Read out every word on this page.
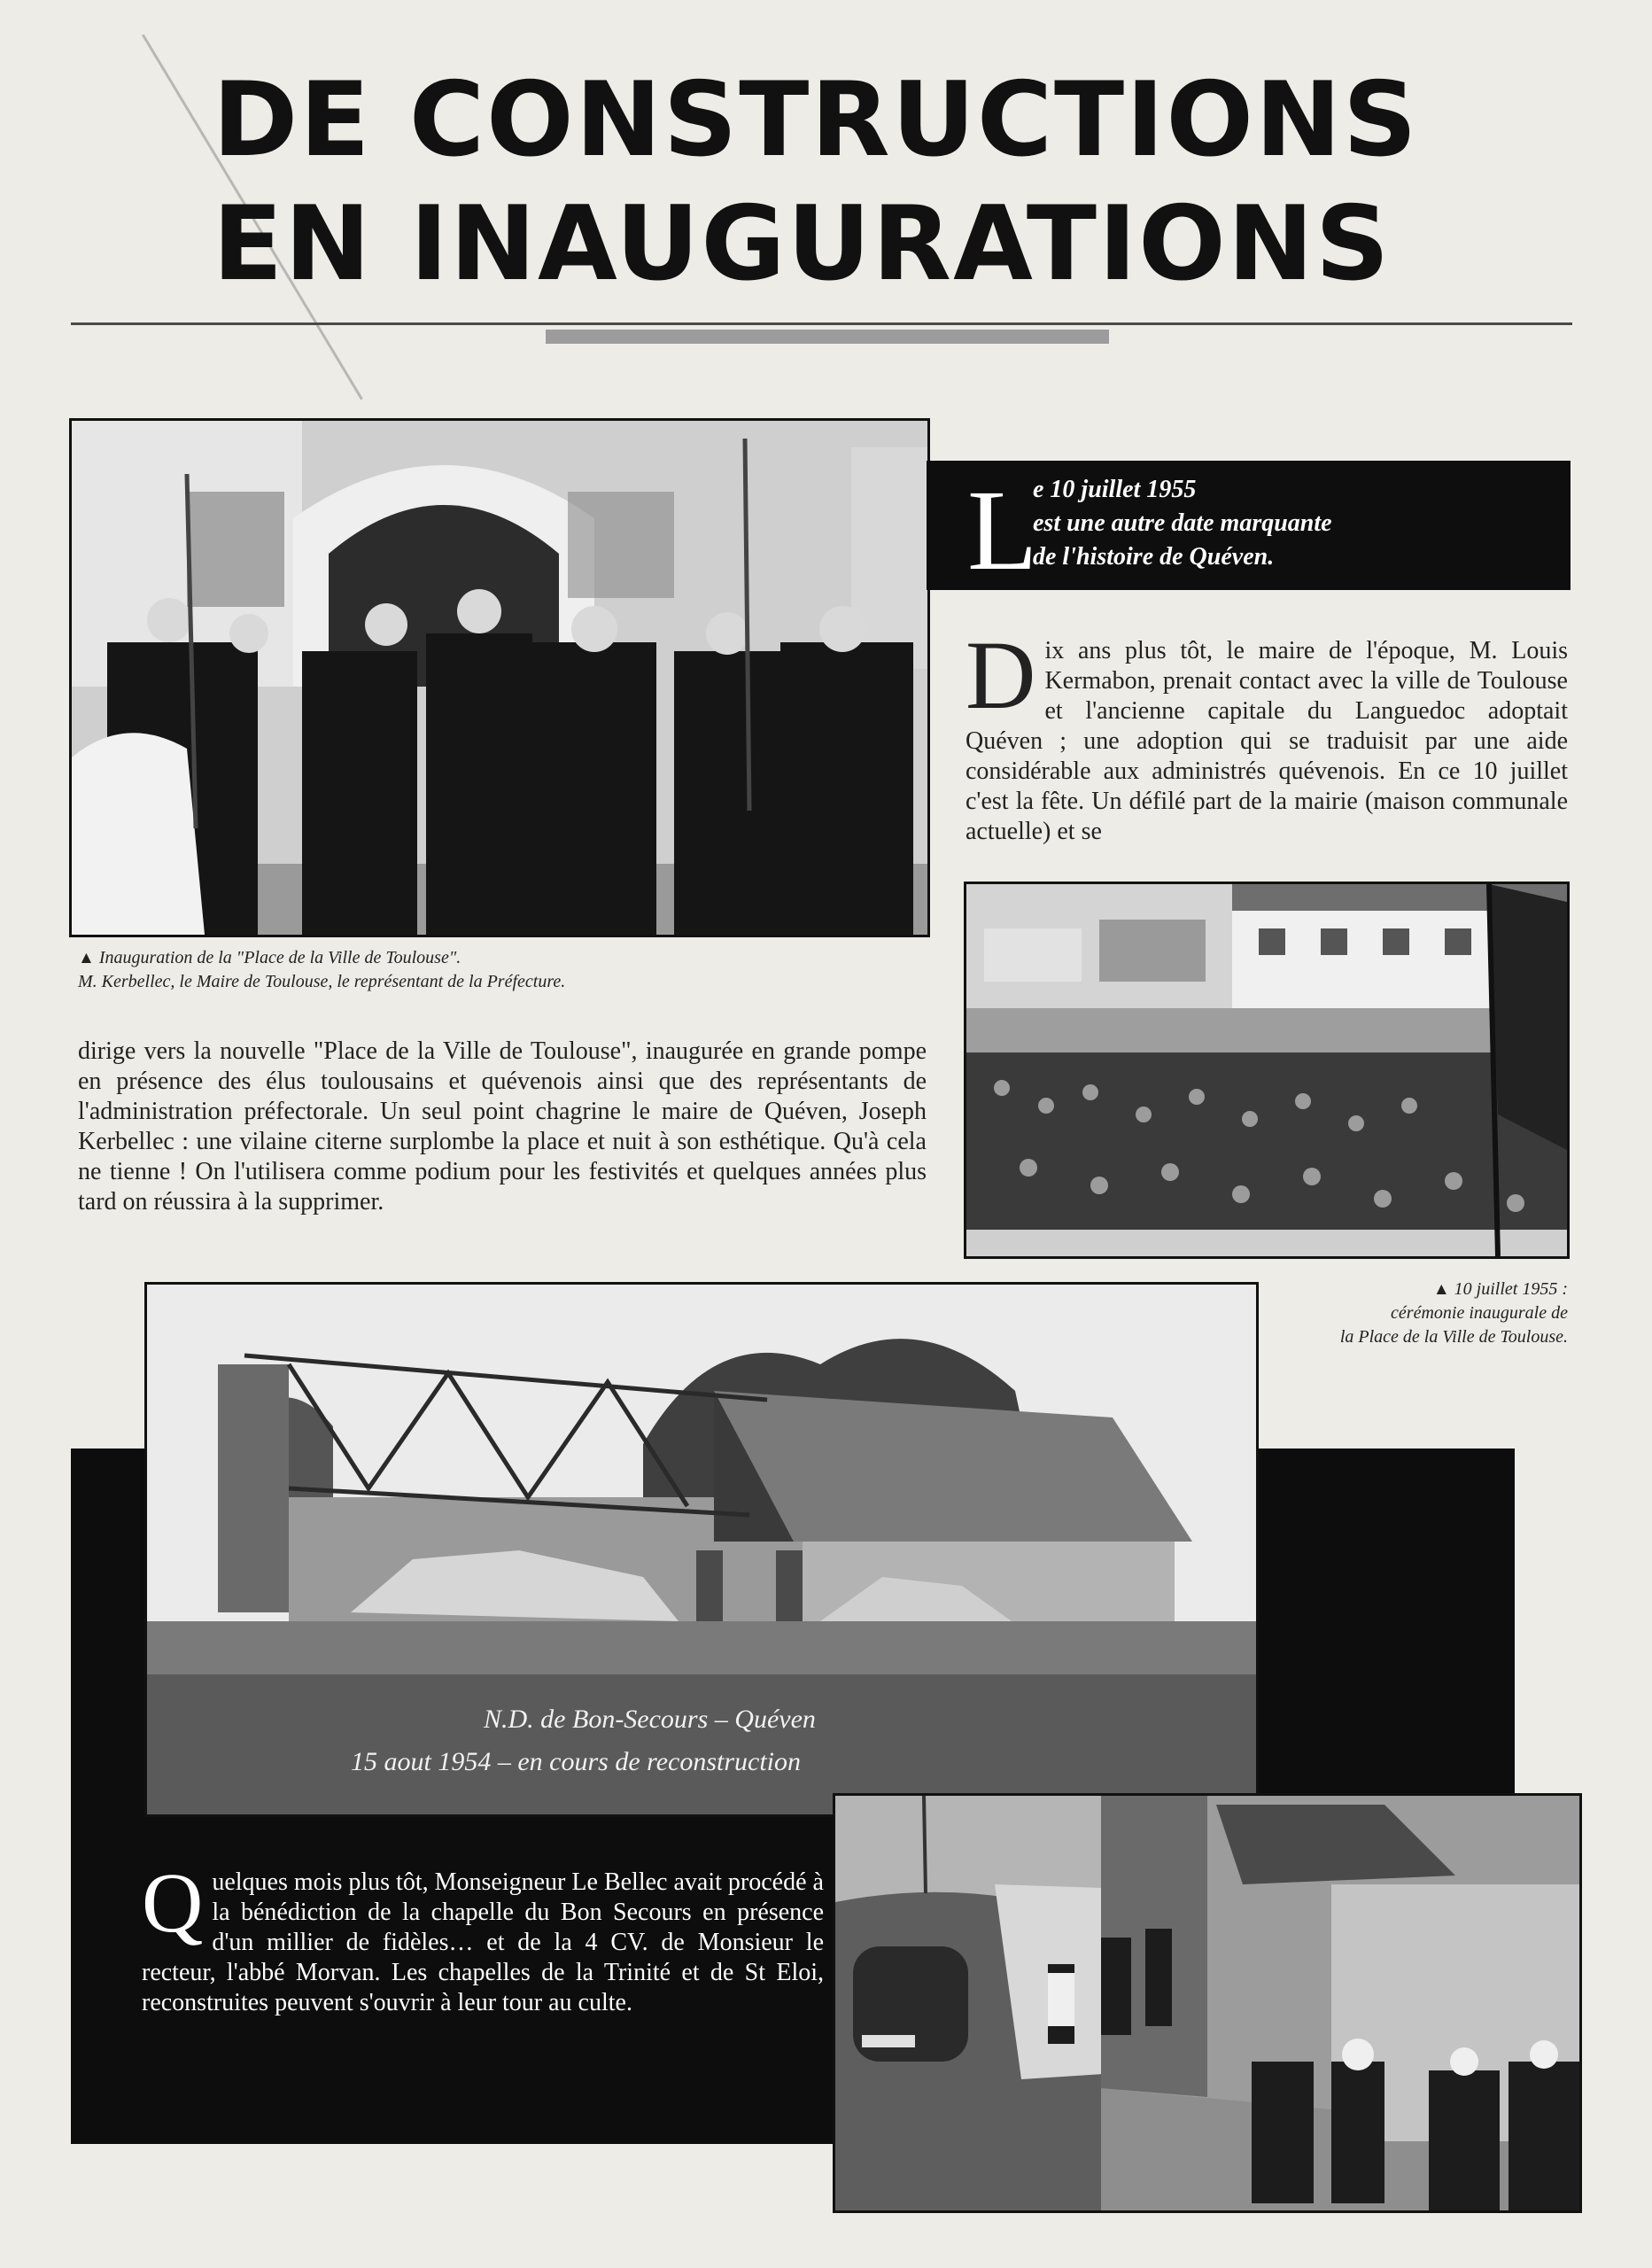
DE CONSTRUCTIONS
EN INAUGURATIONS
▲ Inauguration de la "Place de la Ville de Toulouse".
M. Kerbellec, le Maire de Toulouse, le représentant de la Préfecture.
L
e 10 juillet 1955
est une autre date marquante
de l'histoire de Quéven.
D ix ans plus tôt, le maire de l'époque, M. Louis Kermabon, prenait contact avec la ville de Toulouse et l'ancienne capitale du Languedoc adoptait Quéven ; une adoption qui se traduisit par une aide considérable aux administrés quévenois. En ce 10 juillet c'est la fête. Un défilé part de la mairie (maison communale actuelle) et se
▲ 10 juillet 1955 :
cérémonie inaugurale de
la Place de la Ville de Toulouse.
dirige vers la nouvelle "Place de la Ville de Toulouse", inaugurée en grande pompe en présence des élus toulousains et quévenois ainsi que des représentants de l'administration préfectorale. Un seul point chagrine le maire de Quéven, Joseph Kerbellec : une vilaine citerne surplombe la place et nuit à son esthétique. Qu'à cela ne tienne ! On l'utilisera comme podium pour les festivités et quelques années plus tard on réussira à la supprimer.
N.D. de Bon-Secours – Quéven
15 aout 1954 – en cours de reconstruction
Q uelques mois plus tôt, Monseigneur Le Bellec avait procédé à la bénédiction de la chapelle du Bon Secours en présence d'un millier de fidèles… et de la 4 CV. de Monsieur le recteur, l'abbé Morvan. Les chapelles de la Trinité et de St Eloi, reconstruites peuvent s'ouvrir à leur tour au culte.
